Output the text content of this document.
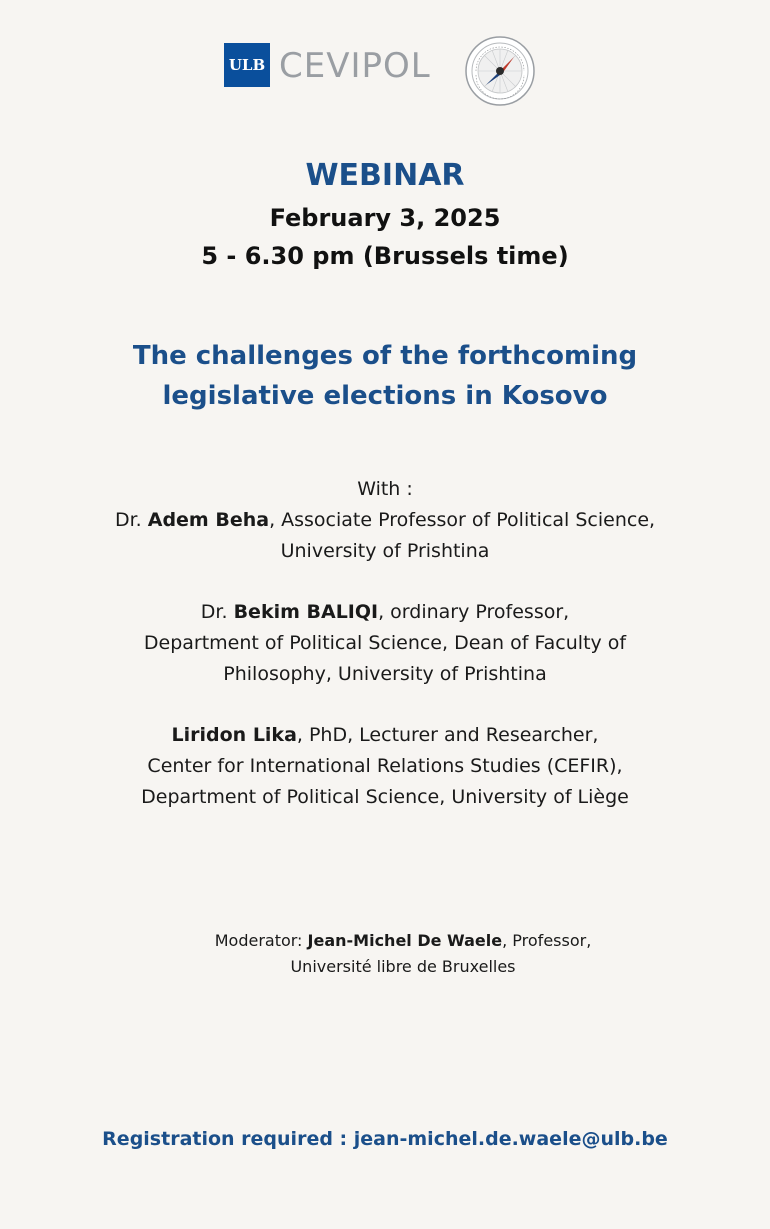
ULB CEVIPOL
WEBINAR
February 3, 2025
5 - 6.30 pm (Brussels time)
The challenges of the forthcoming
legislative elections in Kosovo

With :

Dr. Adem Beha, Associate Professor of Political Science,

University of Prishtina

Dr. Bekim BALIQI, ordinary Professor,

Department of Political Science, Dean of Faculty of

Philosophy, University of Prishtina

Liridon Lika, PhD, Lecturer and Researcher,

Center for International Relations Studies (CEFIR),

Department of Political Science, University of Liège

Moderator: Jean-Michel De Waele, Professor,

Université libre de Bruxelles

Registration required : jean-michel.de.waele@ulb.be
